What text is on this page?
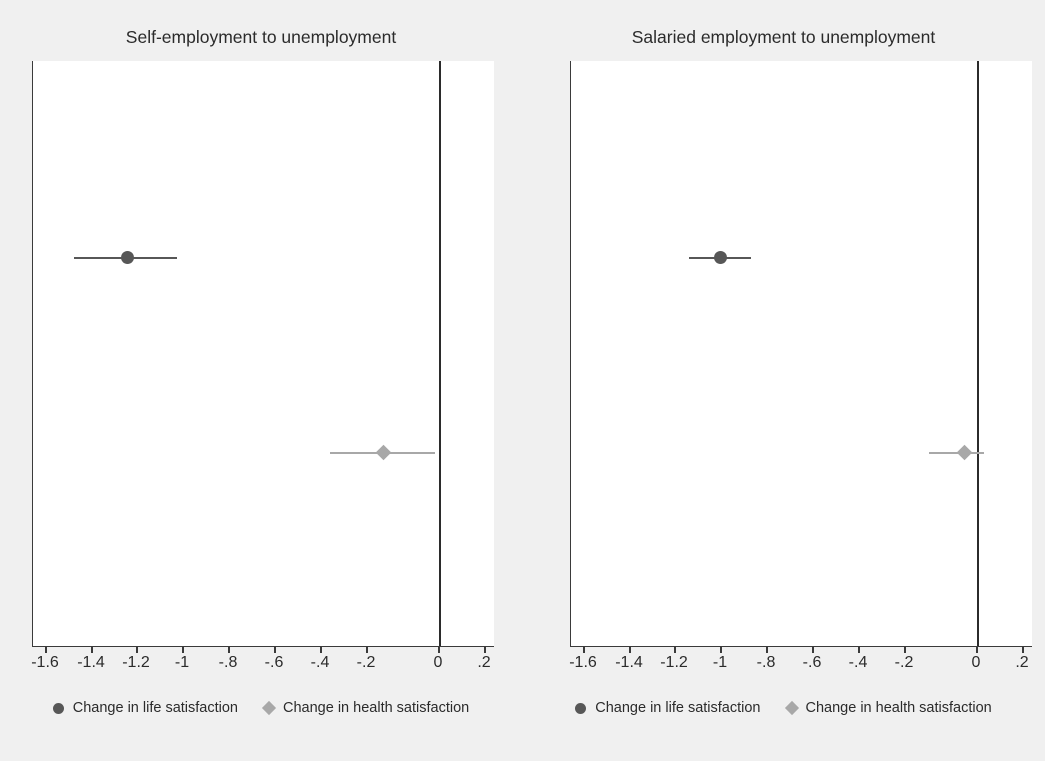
Self-employment to unemployment
-1.6 -1.4 -1.2 -1 -.8 -.6 -.4 -.2	0 .2
Change in life satisfaction	Change in health satisfaction
Salaried employment to unemployment
-1.6 -1.4 -1.2 -1 -.8 -.6 -.4 -.2	0 .2
Change in life satisfaction	Change in health satisfaction
